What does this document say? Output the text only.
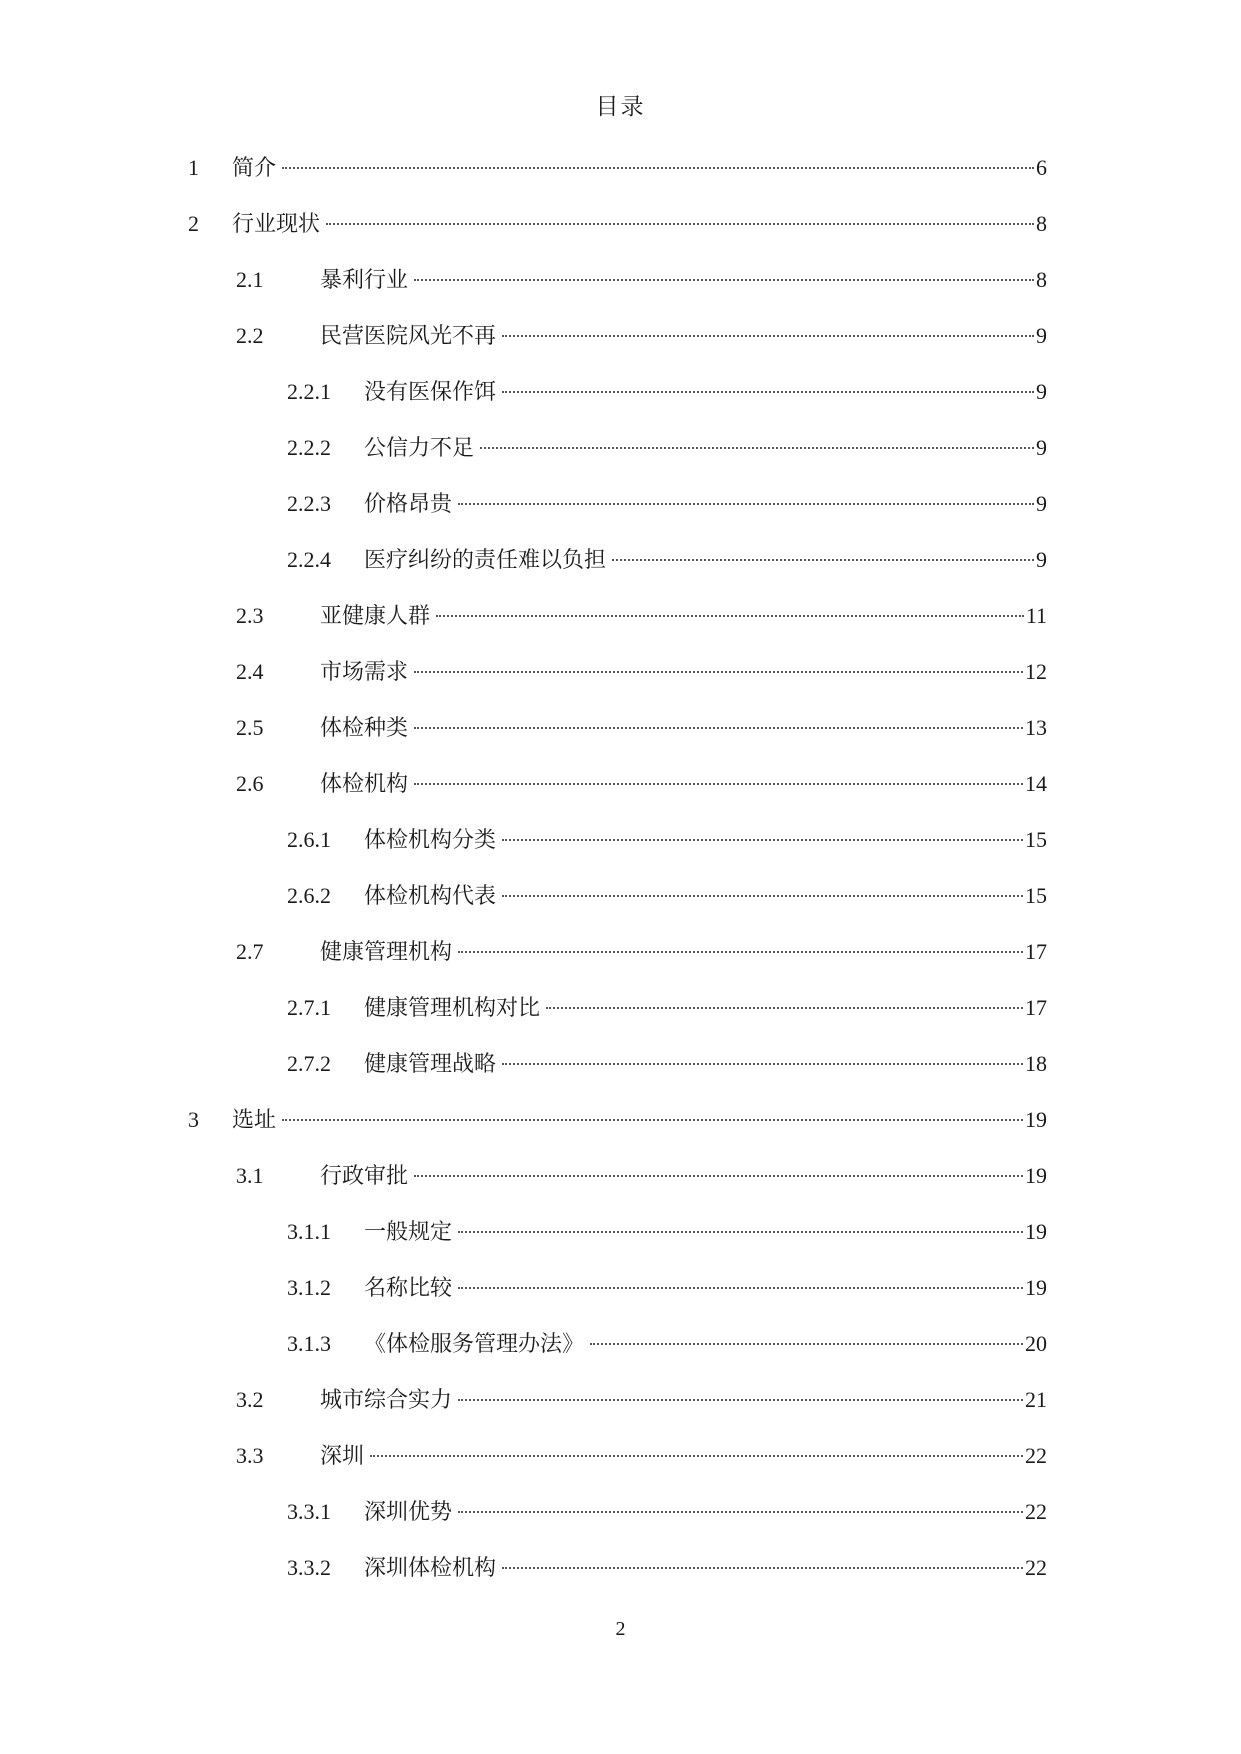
目录
1 简介	6
2 行业现状	8
2.1	暴利行业	8
2.2	民营医院风光不再	9
2.2.1 没有医保作饵	9
2.2.2 公信力不足	9
2.2.3 价格昂贵	9
2.2.4 医疗纠纷的责任难以负担	9
2.3	亚健康人群	11
2.4	市场需求	12
2.5	体检种类	13
2.6	体检机构	14
2.6.1 体检机构分类	15
2.6.2 体检机构代表	15
2.7	健康管理机构	17
2.7.1 健康管理机构对比	17
2.7.2 健康管理战略	18
3 选址	19
3.1	行政审批	19
3.1.1 一般规定	19
3.1.2 名称比较	19
3.1.3 《体检服务管理办法》	20
3.2	城市综合实力	21
3.3	深圳	22
3.3.1 深圳优势	22
3.3.2 深圳体检机构	22
2
